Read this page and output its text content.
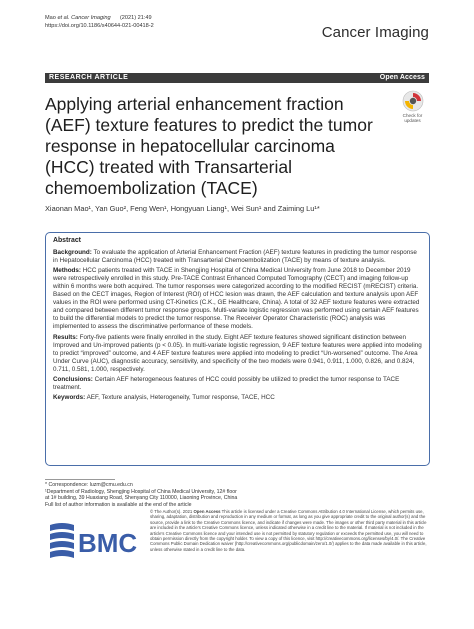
Mao et al. Cancer Imaging (2021) 21:49
https://doi.org/10.1186/s40644-021-00418-2	Cancer Imaging
RESEARCH ARTICLE	Open Access
Applying arterial enhancement fraction (AEF) texture features to predict the tumor response in hepatocellular carcinoma (HCC) treated with Transarterial chemoembolization (TACE)
Check for
updates
Xiaonan Mao¹, Yan Guo², Feng Wen¹, Hongyuan Liang¹, Wei Sun¹ and Zaiming Lu¹*
Abstract

Background: To evaluate the application of Arterial Enhancement Fraction (AEF) texture features in predicting the tumor response in Hepatocellular Carcinoma (HCC) treated with Transarterial Chemoembolization (TACE) by means of texture analysis.

Methods: HCC patients treated with TACE in Shengjing Hospital of China Medical University from June 2018 to December 2019 were retrospectively enrolled in this study. Pre-TACE Contrast Enhanced Computed Tomography (CECT) and imaging follow-up within 6 months were both acquired. The tumor responses were categorized according to the modified RECIST (mRECIST) criteria. Based on the CECT images, Region of Interest (ROI) of HCC lesion was drawn, the AEF calculation and texture analysis upon AEF values in the ROI were performed using CT-Kinetics (C.K., GE Healthcare, China). A total of 32 AEF texture features were extracted and compared between different tumor response groups. Multi-variate logistic regression was performed using certain AEF features to build the differential models to predict the tumor response. The Receiver Operator Characteristic (ROC) analysis was implemented to assess the discriminative performance of these models.

Results: Forty-five patients were finally enrolled in the study. Eight AEF texture features showed significant distinction between Improved and Un-improved patients (p < 0.05). In multi-variate logistic regression, 9 AEF texture features were applied into modeling to predict “improved” outcome, and 4 AEF texture features were applied into modeling to predict “Un-worsened” outcome. The Area Under Curve (AUC), diagnostic accuracy, sensitivity, and specificity of the two models were 0.941, 0.911, 1.000, 0.826, and 0.824, 0.711, 0.581, 1.000, respectively.

Conclusions: Certain AEF heterogeneous features of HCC could possibly be utilized to predict the tumor response to TACE treatment.

Keywords: AEF, Texture analysis, Heterogeneity, Tumor response, TACE, HCC

* Correspondence: luzm@cmu.edu.cn
¹Department of Radiology, Shengjing Hospital of China Medical University, 12# floor at 1# building, 39 Huaxiang Road, Shenyang City 110000, Liaoning Province, China
Full list of author information is available at the end of the article
BMC
© The Author(s). 2021 Open Access This article is licensed under a Creative Commons Attribution 4.0 International License, which permits use, sharing, adaptation, distribution and reproduction in any medium or format, as long as you give appropriate credit to the original author(s) and the source, provide a link to the Creative Commons licence, and indicate if changes were made. The images or other third party material in this article are included in the article's Creative Commons licence, unless indicated otherwise in a credit line to the material. If material is not included in the article's Creative Commons licence and your intended use is not permitted by statutory regulation or exceeds the permitted use, you will need to obtain permission directly from the copyright holder. To view a copy of this licence, visit http://creativecommons.org/licenses/by/4.0/. The Creative Commons Public Domain Dedication waiver (http://creativecommons.org/publicdomain/zero/1.0/) applies to the data made available in this article, unless otherwise stated in a credit line to the data.
